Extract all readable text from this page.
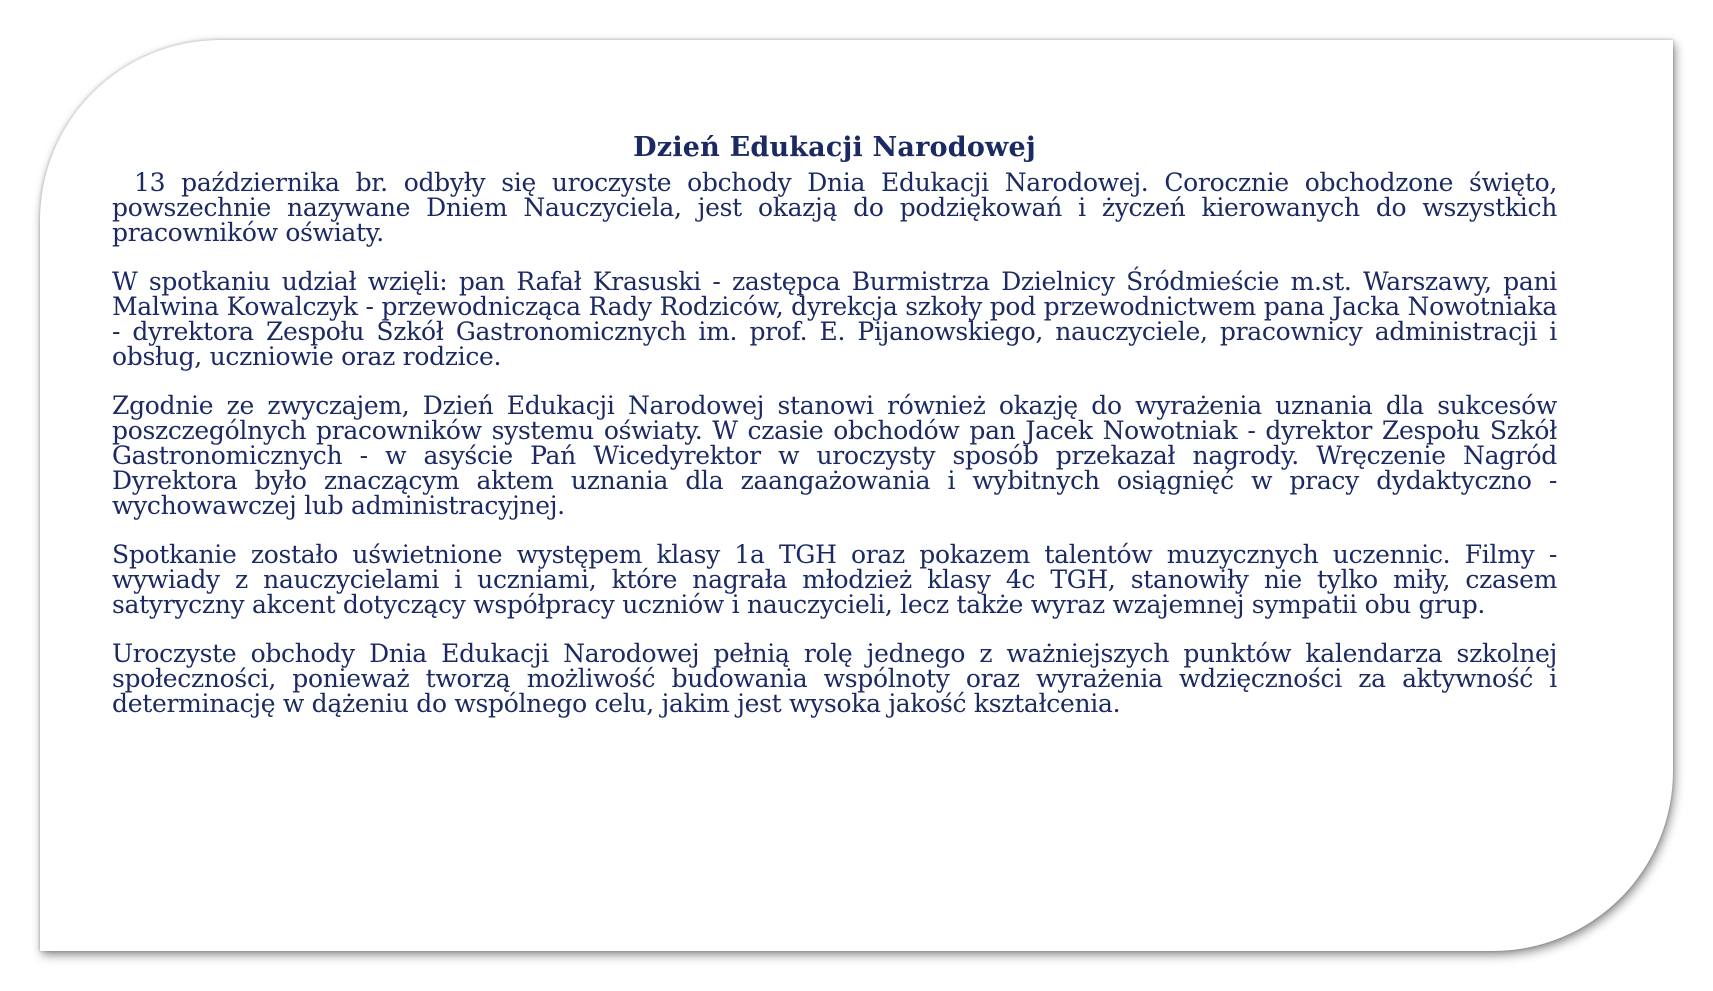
Dzień Edukacji Narodowej

13 października br. odbyły się uroczyste obchody Dnia Edukacji Narodowej. Corocznie obchodzone święto, powszechnie nazywane Dniem Nauczyciela, jest okazją do podziękowań i życzeń kierowanych do wszystkich pracowników oświaty.

W spotkaniu udział wzięli: pan Rafał Krasuski - zastępca Burmistrza Dzielnicy Śródmieście m.st. Warszawy, pani Malwina Kowalczyk - przewodnicząca Rady Rodziców, dyrekcja szkoły pod przewodnictwem pana Jacka Nowotniaka - dyrektora Zespołu Szkół Gastronomicznych im. prof. E. Pijanowskiego, nauczyciele, pracownicy administracji i obsług, uczniowie oraz rodzice.

Zgodnie ze zwyczajem, Dzień Edukacji Narodowej stanowi również okazję do wyrażenia uznania dla sukcesów poszczególnych pracowników systemu oświaty. W czasie obchodów pan Jacek Nowotniak - dyrektor Zespołu Szkół Gastronomicznych - w asyście Pań Wicedyrektor w uroczysty sposób przekazał nagrody. Wręczenie Nagród Dyrektora było znaczącym aktem uznania dla zaangażowania i wybitnych osiągnięć w pracy dydaktyczno - wychowawczej lub administracyjnej.

Spotkanie zostało uświetnione występem klasy 1a TGH oraz pokazem talentów muzycznych uczennic. Filmy - wywiady z nauczycielami i uczniami, które nagrała młodzież klasy 4c TGH, stanowiły nie tylko miły, czasem satyryczny akcent dotyczący współpracy uczniów i nauczycieli, lecz także wyraz wzajemnej sympatii obu grup.

Uroczyste obchody Dnia Edukacji Narodowej pełnią rolę jednego z ważniejszych punktów kalendarza szkolnej społeczności, ponieważ tworzą możliwość budowania wspólnoty oraz wyrażenia wdzięczności za aktywność i determinację w dążeniu do wspólnego celu, jakim jest wysoka jakość kształcenia.
